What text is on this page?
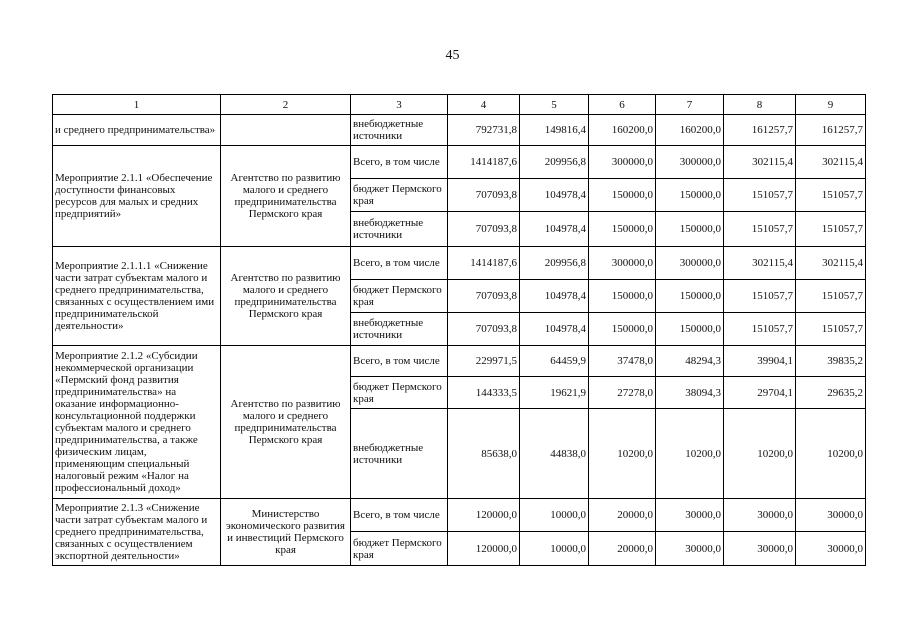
45
1	2	3	4	5	6	7	8	9
и среднего предпринимательства»		внебюджетные источники	792731,8	149816,4	160200,0	160200,0	161257,7	161257,7
Мероприятие 2.1.1 «Обеспечение доступности финансовых ресурсов для малых и средних предприятий»	Агентство по развитию малого и среднего предпринимательства Пермского края	Всего, в том числе	1414187,6	209956,8	300000,0	300000,0	302115,4	302115,4
		бюджет Пермского края	707093,8	104978,4	150000,0	150000,0	151057,7	151057,7
		внебюджетные источники	707093,8	104978,4	150000,0	150000,0	151057,7	151057,7
Мероприятие 2.1.1.1 «Снижение части затрат субъектам малого и среднего предпринимательства, связанных с осуществлением ими предпринимательской деятельности»	Агентство по развитию малого и среднего предпринимательства Пермского края	Всего, в том числе	1414187,6	209956,8	300000,0	300000,0	302115,4	302115,4
		бюджет Пермского края	707093,8	104978,4	150000,0	150000,0	151057,7	151057,7
		внебюджетные источники	707093,8	104978,4	150000,0	150000,0	151057,7	151057,7
Мероприятие 2.1.2 «Субсидии некоммерческой организации «Пермский фонд развития предпринимательства» на оказание информационно-консультационной поддержки субъектам малого и среднего предпринимательства, а также физическим лицам, применяющим специальный налоговый режим «Налог на профессиональный доход»	Агентство по развитию малого и среднего предпринимательства Пермского края	Всего, в том числе	229971,5	64459,9	37478,0	48294,3	39904,1	39835,2
		бюджет Пермского края	144333,5	19621,9	27278,0	38094,3	29704,1	29635,2
		внебюджетные источники	85638,0	44838,0	10200,0	10200,0	10200,0	10200,0
Мероприятие 2.1.3 «Снижение части затрат субъектам малого и среднего предпринимательства, связанных с осуществлением экспортной деятельности»	Министерство экономического развития и инвестиций Пермского края	Всего, в том числе	120000,0	10000,0	20000,0	30000,0	30000,0	30000,0
		бюджет Пермского края	120000,0	10000,0	20000,0	30000,0	30000,0	30000,0
